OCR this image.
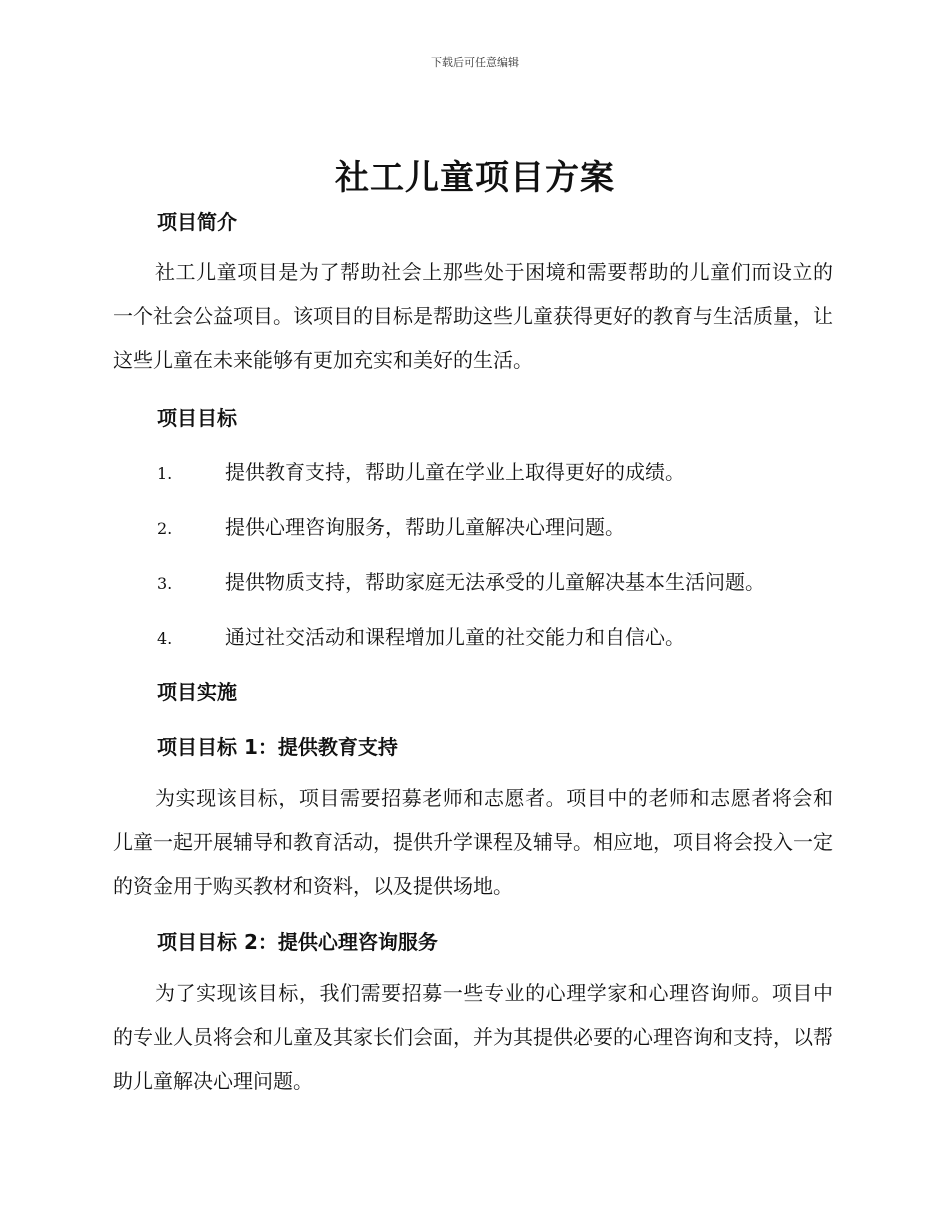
下载后可任意编辑
社工儿童项目方案
项目简介
社工儿童项目是为了帮助社会上那些处于困境和需要帮助的儿童们而设立的一个社会公益项目。该项目的目标是帮助这些儿童获得更好的教育与生活质量，让这些儿童在未来能够有更加充实和美好的生活。
项目目标
1.	提供教育支持，帮助儿童在学业上取得更好的成绩。
2.	提供心理咨询服务，帮助儿童解决心理问题。
3.	提供物质支持，帮助家庭无法承受的儿童解决基本生活问题。
4.	通过社交活动和课程增加儿童的社交能力和自信心。
项目实施
项目目标 1：提供教育支持
为实现该目标，项目需要招募老师和志愿者。项目中的老师和志愿者将会和儿童一起开展辅导和教育活动，提供升学课程及辅导。相应地，项目将会投入一定的资金用于购买教材和资料，以及提供场地。
项目目标 2：提供心理咨询服务
为了实现该目标，我们需要招募一些专业的心理学家和心理咨询师。项目中的专业人员将会和儿童及其家长们会面，并为其提供必要的心理咨询和支持，以帮助儿童解决心理问题。
